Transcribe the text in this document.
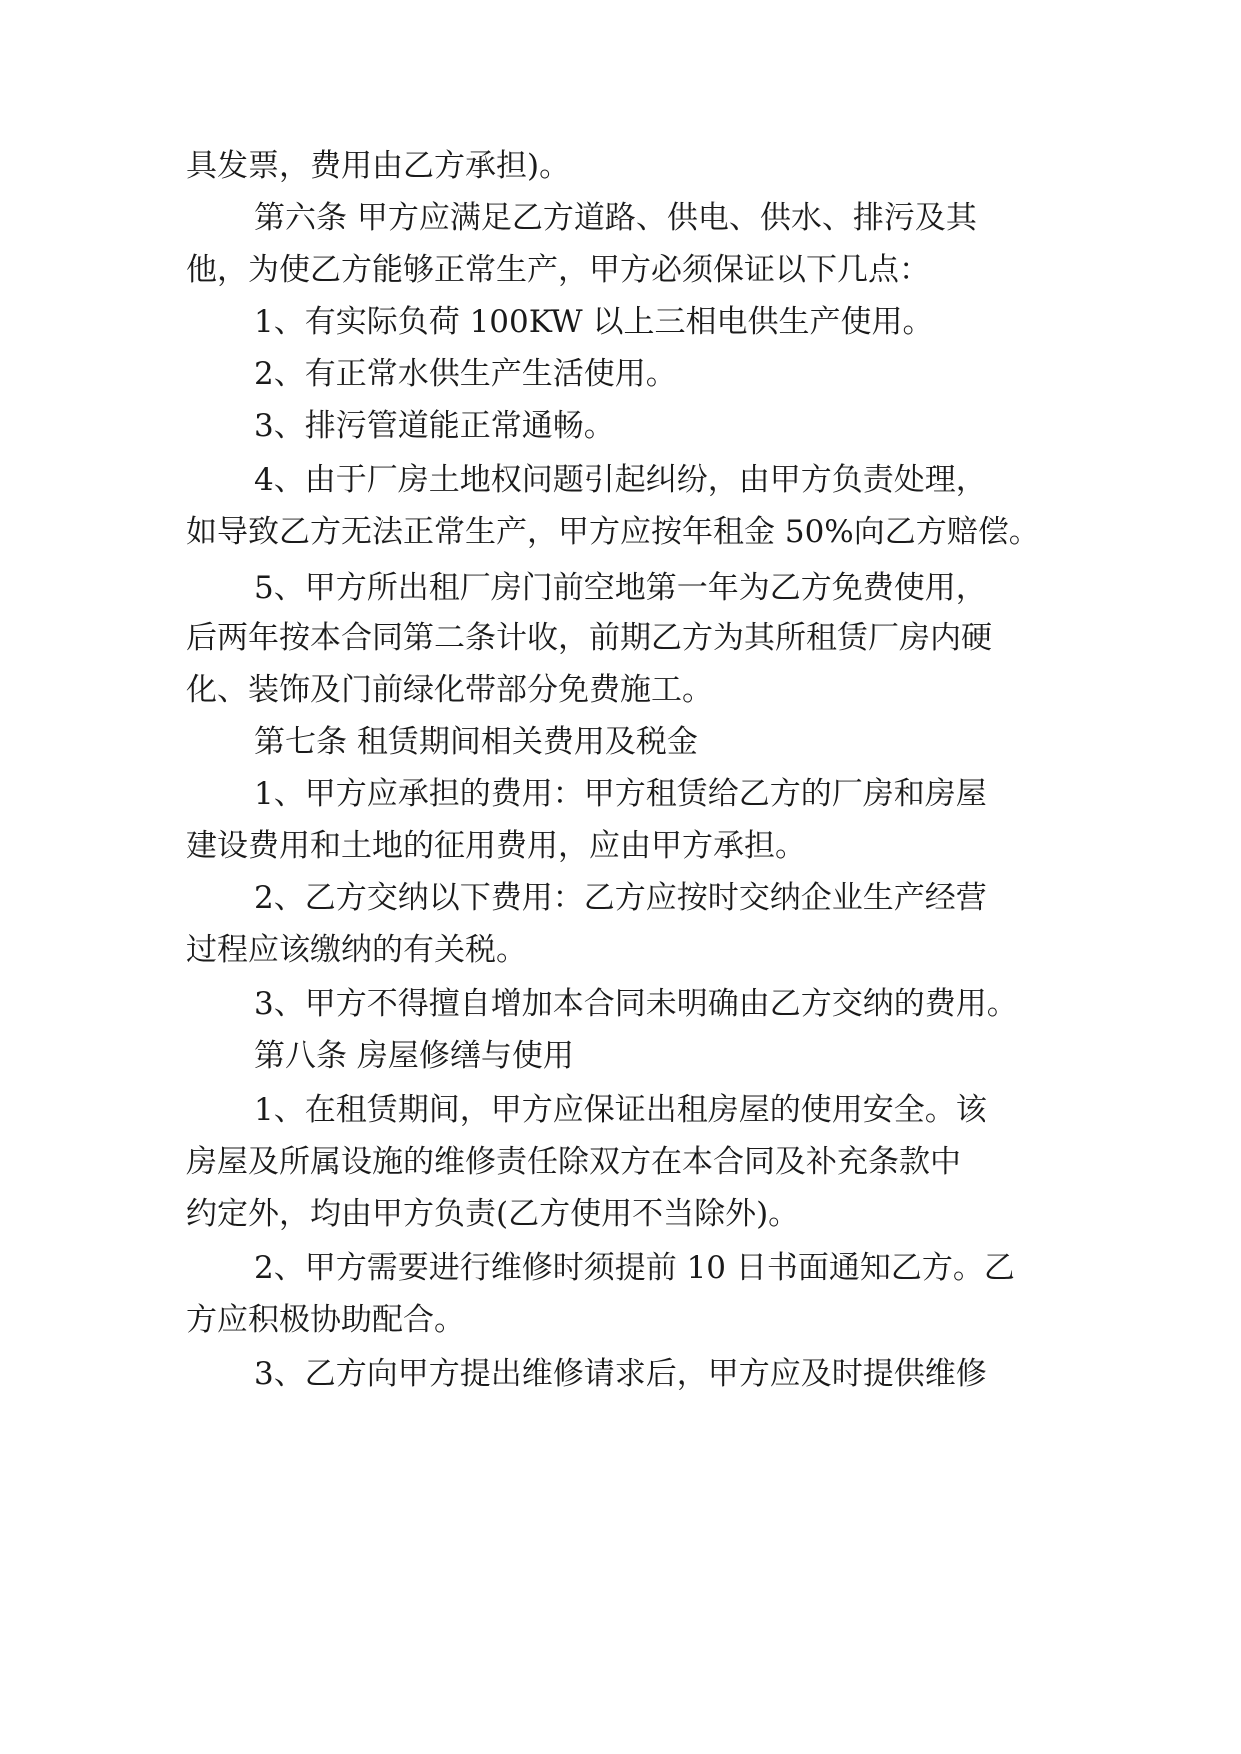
具发票，费用由乙方承担)。

第六条 甲方应满足乙方道路、供电、供水、排污及其

他，为使乙方能够正常生产，甲方必须保证以下几点：

1、有实际负荷 100KW 以上三相电供生产使用。

2、有正常水供生产生活使用。

3、排污管道能正常通畅。

4、由于厂房土地权问题引起纠纷，由甲方负责处理，

如导致乙方无法正常生产，甲方应按年租金 50%向乙方赔偿。

5、甲方所出租厂房门前空地第一年为乙方免费使用，

后两年按本合同第二条计收，前期乙方为其所租赁厂房内硬

化、装饰及门前绿化带部分免费施工。

第七条 租赁期间相关费用及税金

1、甲方应承担的费用：甲方租赁给乙方的厂房和房屋

建设费用和土地的征用费用，应由甲方承担。

2、乙方交纳以下费用：乙方应按时交纳企业生产经营

过程应该缴纳的有关税。

3、甲方不得擅自增加本合同未明确由乙方交纳的费用。

第八条 房屋修缮与使用

1、在租赁期间，甲方应保证出租房屋的使用安全。该

房屋及所属设施的维修责任除双方在本合同及补充条款中

约定外，均由甲方负责(乙方使用不当除外)。

2、甲方需要进行维修时须提前 10 日书面通知乙方。乙

方应积极协助配合。

3、乙方向甲方提出维修请求后，甲方应及时提供维修
